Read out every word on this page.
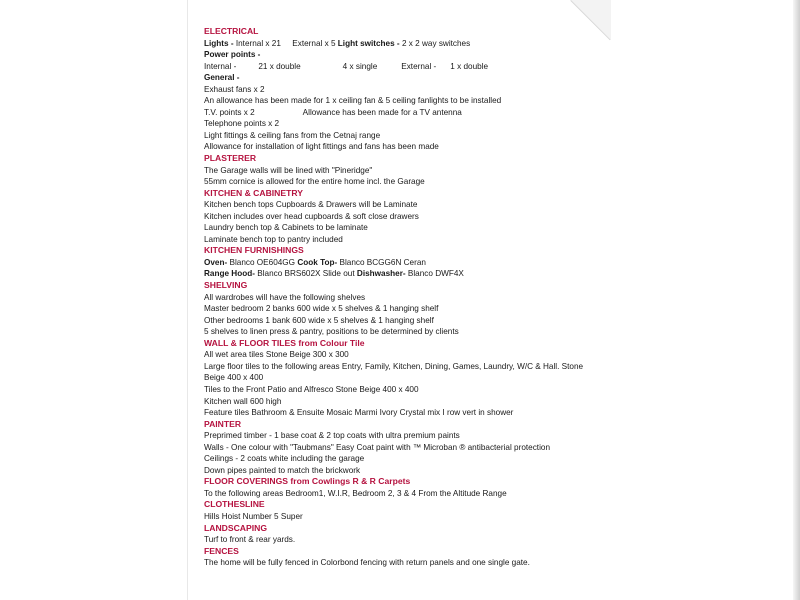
ELECTRICAL
Lights - Internal x 21     External x 5 Light switches - 2 x 2 way switches
Power points -
Internal -	21 x double	4 x single	External - 1 x double
General -
Exhaust fans x 2
An allowance has been made for 1 x ceiling fan & 5 ceiling fanlights to be installed
T.V. points x 2	Allowance has been made for a TV antenna
Telephone points x 2
Light fittings & ceiling fans from the Cetnaj range
Allowance for installation of light fittings and fans has been made
PLASTERER
The Garage walls will be lined with "Pineridge"
55mm cornice is allowed for the entire home incl. the Garage
KITCHEN & CABINETRY
Kitchen bench tops Cupboards & Drawers will be Laminate
Kitchen includes over head cupboards & soft close drawers
Laundry bench top & Cabinets to be laminate
Laminate bench top to pantry included
KITCHEN FURNISHINGS
Oven- Blanco OE604GG Cook Top- Blanco BCGG6N Ceran
Range Hood- Blanco BRS602X Slide out Dishwasher- Blanco DWF4X
SHELVING
All wardrobes will have the following shelves
Master bedroom 2 banks 600 wide x 5 shelves & 1 hanging shelf
Other bedrooms 1 bank 600 wide x 5 shelves & 1 hanging shelf
5 shelves to linen press & pantry, positions to be determined by clients
WALL & FLOOR TILES from Colour Tile
All wet area tiles Stone Beige 300 x 300
Large floor tiles to the following areas Entry, Family, Kitchen, Dining, Games, Laundry, W/C & Hall. Stone Beige 400 x 400
Tiles to the Front Patio and Alfresco Stone Beige 400 x 400
Kitchen wall 600 high
Feature tiles Bathroom & Ensuite Mosaic Marmi Ivory Crystal mix I row vert in shower
PAINTER
Preprimed timber - 1 base coat & 2 top coats with ultra premium paints
Walls - One colour with "Taubmans" Easy Coat paint with ™ Microban ® antibacterial protection
Ceilings - 2 coats white including the garage
Down pipes painted to match the brickwork
FLOOR COVERINGS from Cowlings R & R Carpets
To the following areas Bedroom1, W.I.R, Bedroom 2, 3 & 4 From the Altitude Range
CLOTHESLINE
Hills Hoist Number 5 Super
LANDSCAPING
Turf to front & rear yards.
FENCES
The home will be fully fenced in Colorbond fencing with return panels and one single gate.
